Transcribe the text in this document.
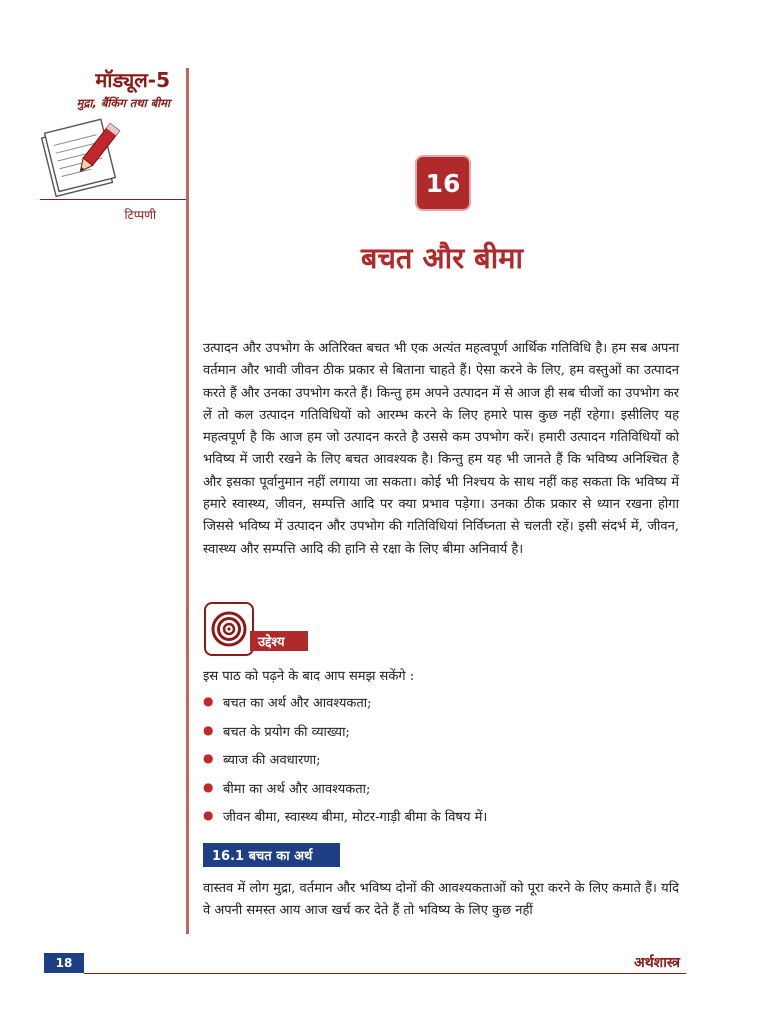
मॉड्यूल-5
मुद्रा, बैंकिंग तथा बीमा
टिप्पणी
16
बचत और बीमा

उत्पादन और उपभोग के अतिरिक्त बचत भी एक अत्यंत महत्वपूर्ण आर्थिक गतिविधि है। हम सब अपना वर्तमान और भावी जीवन ठीक प्रकार से बिताना चाहते हैं। ऐसा करने के लिए, हम वस्तुओं का उत्पादन करते हैं और उनका उपभोग करते हैं। किन्तु हम अपने उत्पादन में से आज ही सब चीजों का उपभोग कर लें तो कल उत्पादन गतिविधियों को आरम्भ करने के लिए हमारे पास कुछ नहीं रहेगा। इसीलिए यह महत्वपूर्ण है कि आज हम जो उत्पादन करते है उससे कम उपभोग करें। हमारी उत्पादन गतिविधियों को भविष्य में जारी रखने के लिए बचत आवश्यक है। किन्तु हम यह भी जानते हैं कि भविष्य अनिश्चित है और इसका पूर्वानुमान नहीं लगाया जा सकता। कोई भी निश्चय के साथ नहीं कह सकता कि भविष्य में हमारे स्वास्थ्य, जीवन, सम्पत्ति आदि पर क्या प्रभाव पड़ेगा। उनका ठीक प्रकार से ध्यान रखना होगा जिससे भविष्य में उत्पादन और उपभोग की गतिविधियां निर्विघ्नता से चलती रहें। इसी संदर्भ में, जीवन, स्वास्थ्य और सम्पत्ति आदि की हानि से रक्षा के लिए बीमा अनिवार्य है।

उद्देश्य
इस पाठ को पढ़ने के बाद आप समझ सकेंगे :
● बचत का अर्थ और आवश्यकता;
● बचत के प्रयोग की व्याख्या;
● ब्याज की अवधारणा;
● बीमा का अर्थ और आवश्यकता;
● जीवन बीमा, स्वास्थ्य बीमा, मोटर-गाड़ी बीमा के विषय में।
16.1 बचत का अर्थ

वास्तव में लोग मुद्रा, वर्तमान और भविष्य दोनों की आवश्यकताओं को पूरा करने के लिए कमाते हैं। यदि वे अपनी समस्त आय आज खर्च कर देते हैं तो भविष्य के लिए कुछ नहीं

18	अर्थशास्त्र
